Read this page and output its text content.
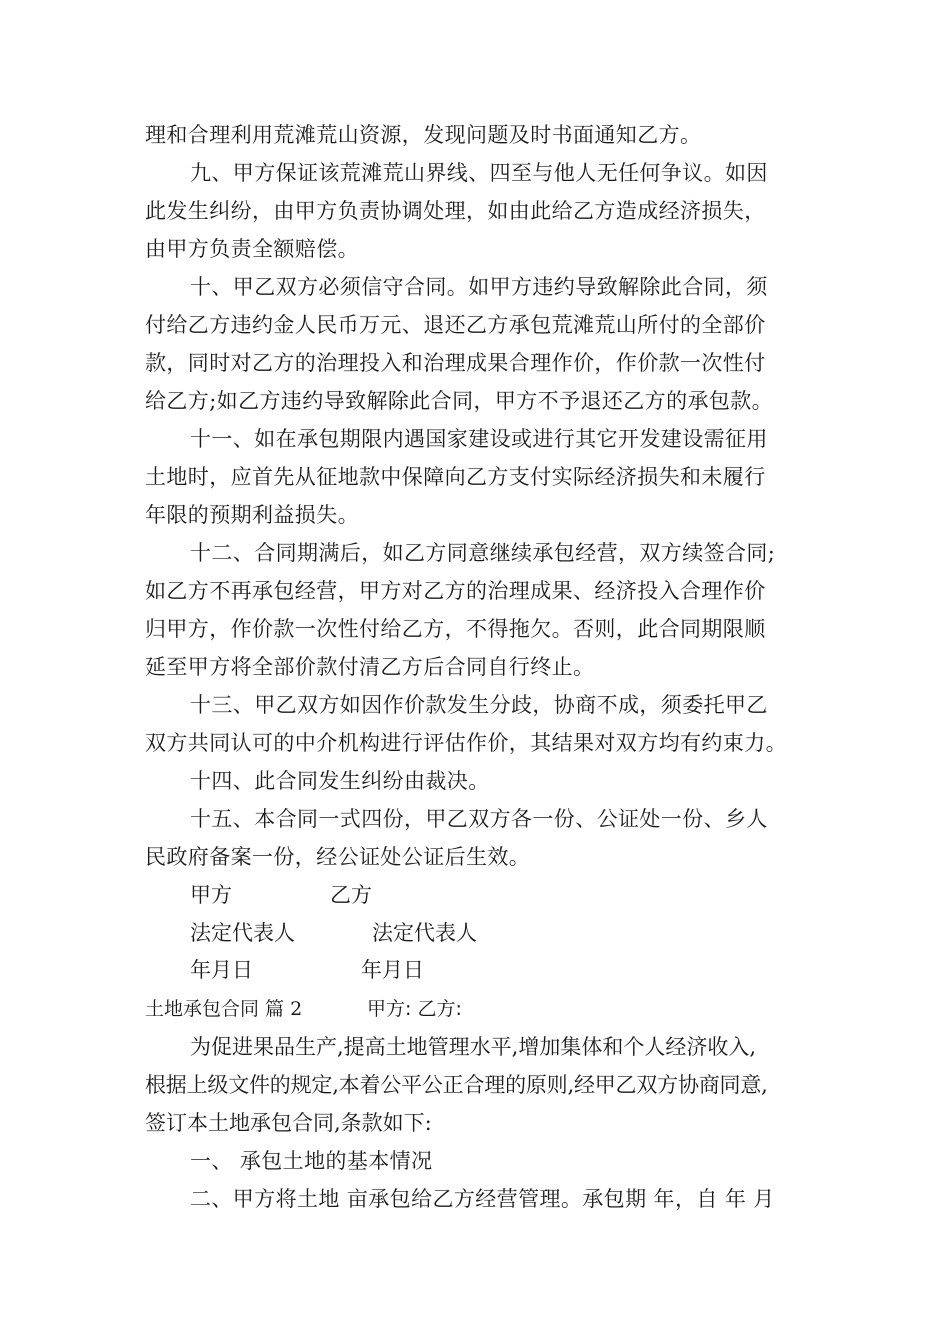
理和合理利用荒滩荒山资源，发现问题及时书面通知乙方。
九、甲方保证该荒滩荒山界线、四至与他人无任何争议。如因
此发生纠纷，由甲方负责协调处理，如由此给乙方造成经济损失，
由甲方负责全额赔偿。
十、甲乙双方必须信守合同。如甲方违约导致解除此合同，须
付给乙方违约金人民币万元、退还乙方承包荒滩荒山所付的全部价
款，同时对乙方的治理投入和治理成果合理作价，作价款一次性付
给乙方;如乙方违约导致解除此合同，甲方不予退还乙方的承包款。
十一、如在承包期限内遇国家建设或进行其它开发建设需征用
土地时，应首先从征地款中保障向乙方支付实际经济损失和未履行
年限的预期利益损失。
十二、合同期满后，如乙方同意继续承包经营，双方续签合同;
如乙方不再承包经营，甲方对乙方的治理成果、经济投入合理作价
归甲方，作价款一次性付给乙方，不得拖欠。否则，此合同期限顺
延至甲方将全部价款付清乙方后合同自行终止。
十三、甲乙双方如因作价款发生分歧，协商不成，须委托甲乙
双方共同认可的中介机构进行评估作价，其结果对双方均有约束力。
十四、此合同发生纠纷由裁决。
十五、本合同一式四份，甲乙双方各一份、公证处一份、乡人
民政府备案一份，经公证处公证后生效。
甲方	乙方
法定代表人	法定代表人
年月日	年月日
土地承包合同 篇 2	甲方: 乙方:
为促进果品生产,提高土地管理水平,增加集体和个人经济收入,
根据上级文件的规定,本着公平公正合理的原则,经甲乙双方协商同意,
签订本土地承包合同,条款如下:
一、 承包土地的基本情况
二、甲方将土地 亩承包给乙方经营管理。承包期 年，自 年 月
